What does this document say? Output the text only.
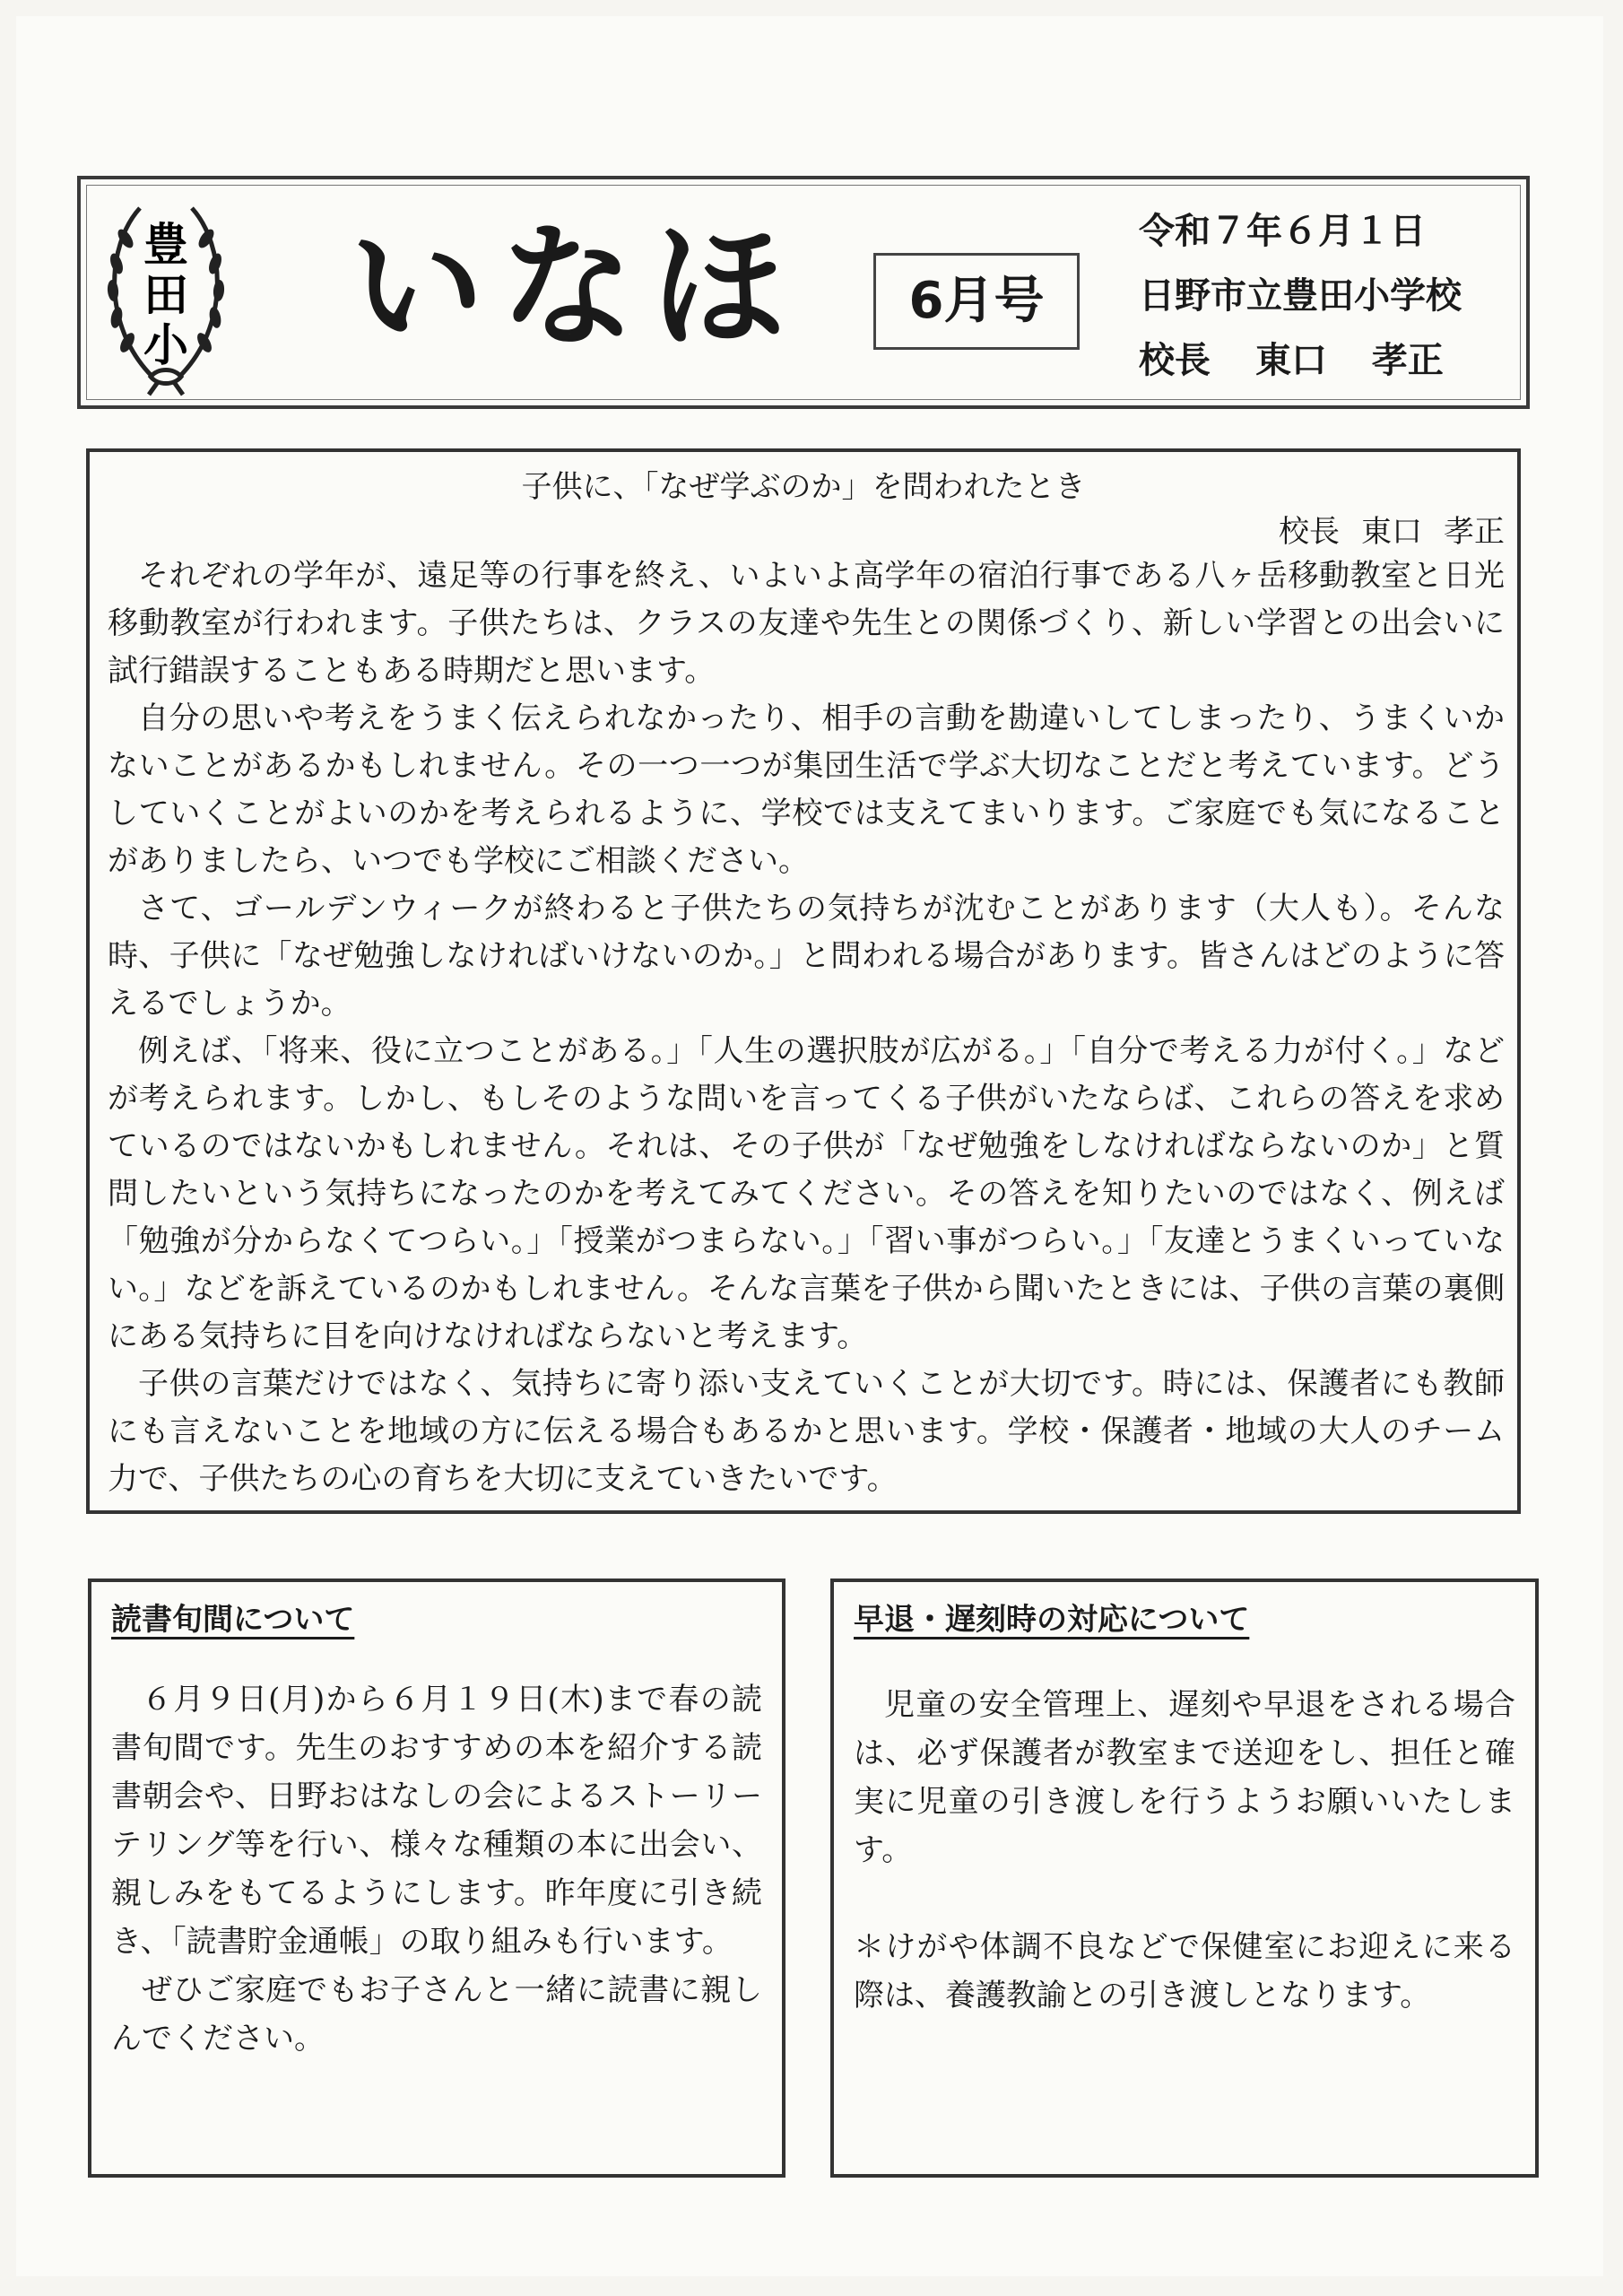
豊
田
小 いなほ	6月号
令和７年６月１日
日野市立豊田小学校
校長 東口 孝正
子供に、「なぜ学ぶのか」を問われたとき
校長 東口 孝正

それぞれの学年が、遠足等の行事を終え、いよいよ高学年の宿泊行事である八ヶ岳移動教室と日光移動教室が行われます。子供たちは、クラスの友達や先生との関係づくり、新しい学習との出会いに試行錯誤することもある時期だと思います。

自分の思いや考えをうまく伝えられなかったり、相手の言動を勘違いしてしまったり、うまくいかないことがあるかもしれません。その一つ一つが集団生活で学ぶ大切なことだと考えています。どうしていくことがよいのかを考えられるように、学校では支えてまいります。ご家庭でも気になることがありましたら、いつでも学校にご相談ください。

さて、ゴールデンウィークが終わると子供たちの気持ちが沈むことがあります（大人も）。そんな時、子供に「なぜ勉強しなければいけないのか。」と問われる場合があります。皆さんはどのように答えるでしょうか。

例えば、「将来、役に立つことがある。」「人生の選択肢が広がる。」「自分で考える力が付く。」などが考えられます。しかし、もしそのような問いを言ってくる子供がいたならば、これらの答えを求めているのではないかもしれません。それは、その子供が「なぜ勉強をしなければならないのか」と質問したいという気持ちになったのかを考えてみてください。その答えを知りたいのではなく、例えば「勉強が分からなくてつらい。」「授業がつまらない。」「習い事がつらい。」「友達とうまくいっていない。」などを訴えているのかもしれません。そんな言葉を子供から聞いたときには、子供の言葉の裏側にある気持ちに目を向けなければならないと考えます。

子供の言葉だけではなく、気持ちに寄り添い支えていくことが大切です。時には、保護者にも教師にも言えないことを地域の方に伝える場合もあるかと思います。学校・保護者・地域の大人のチーム力で、子供たちの心の育ちを大切に支えていきたいです。

読書旬間について

６月９日(月)から６月１９日(木)まで春の読書旬間です。先生のおすすめの本を紹介する読書朝会や、日野おはなしの会によるストーリーテリング等を行い、様々な種類の本に出会い、親しみをもてるようにします。昨年度に引き続き、「読書貯金通帳」の取り組みも行います。

ぜひご家庭でもお子さんと一緒に読書に親しんでください。

早退・遅刻時の対応について

児童の安全管理上、遅刻や早退をされる場合は、必ず保護者が教室まで送迎をし、担任と確実に児童の引き渡しを行うようお願いいたします。

＊けがや体調不良などで保健室にお迎えに来る際は、養護教諭との引き渡しとなります。
